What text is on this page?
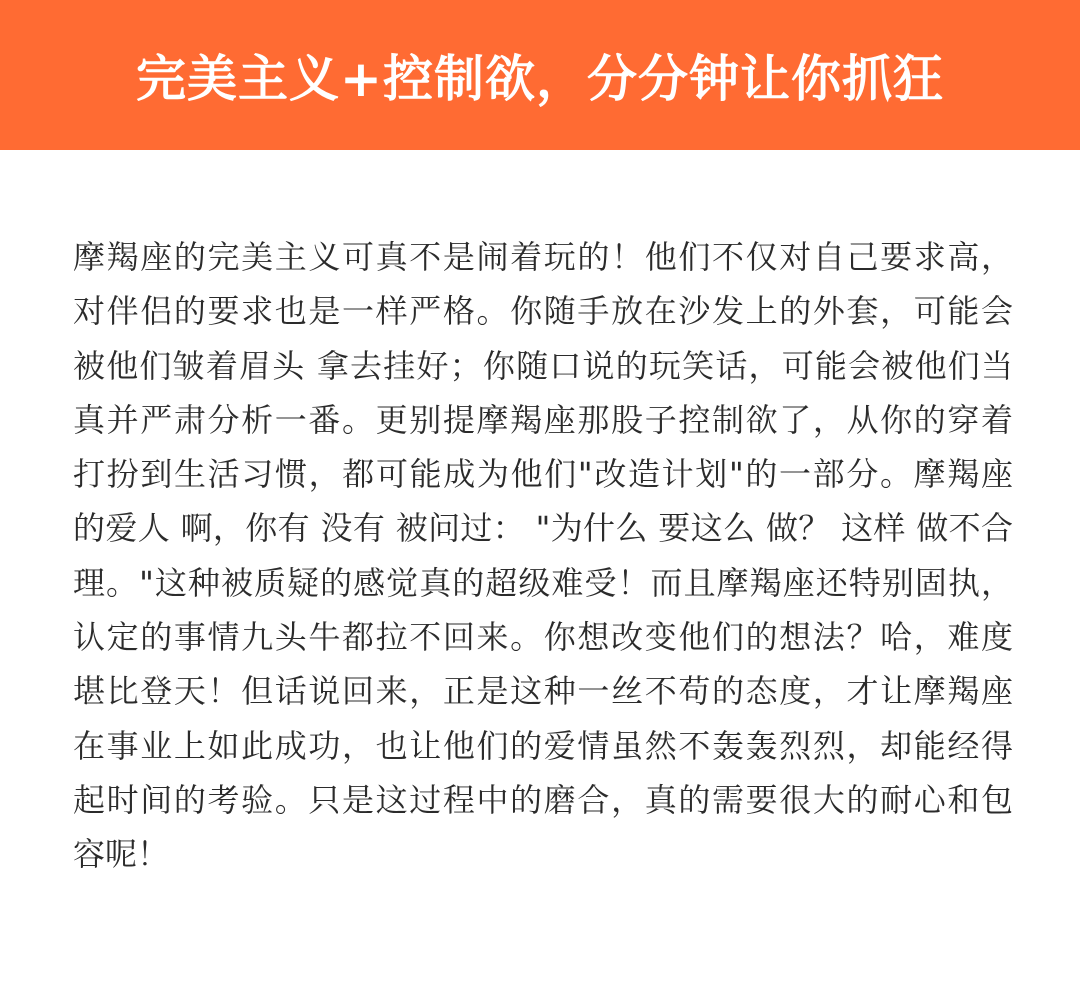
完美主义+控制欲，分分钟让你抓狂
摩羯座的完美主义可真不是闹着玩的！他们不仅对自己要求高，
对伴侣的要求也是一样严格。你随手放在沙发上的外套，可能会
被他们皱着眉头 拿去挂好；你随口说的玩笑话，可能会被他们当
真并严肃分析一番。更别提摩羯座那股子控制欲了，从你的穿着
打扮到生活习惯，都可能成为他们"改造计划"的一部分。摩羯座
的爱人 啊，你有 没有 被问过： "为什么 要这么 做？ 这样 做不合
理。"这种被质疑的感觉真的超级难受！而且摩羯座还特别固执，
认定的事情九头牛都拉不回来。你想改变他们的想法？哈，难度
堪比登天！但话说回来，正是这种一丝不苟的态度，才让摩羯座
在事业上如此成功，也让他们的爱情虽然不轰轰烈烈，却能经得
起时间的考验。只是这过程中的磨合，真的需要很大的耐心和包
容呢！
